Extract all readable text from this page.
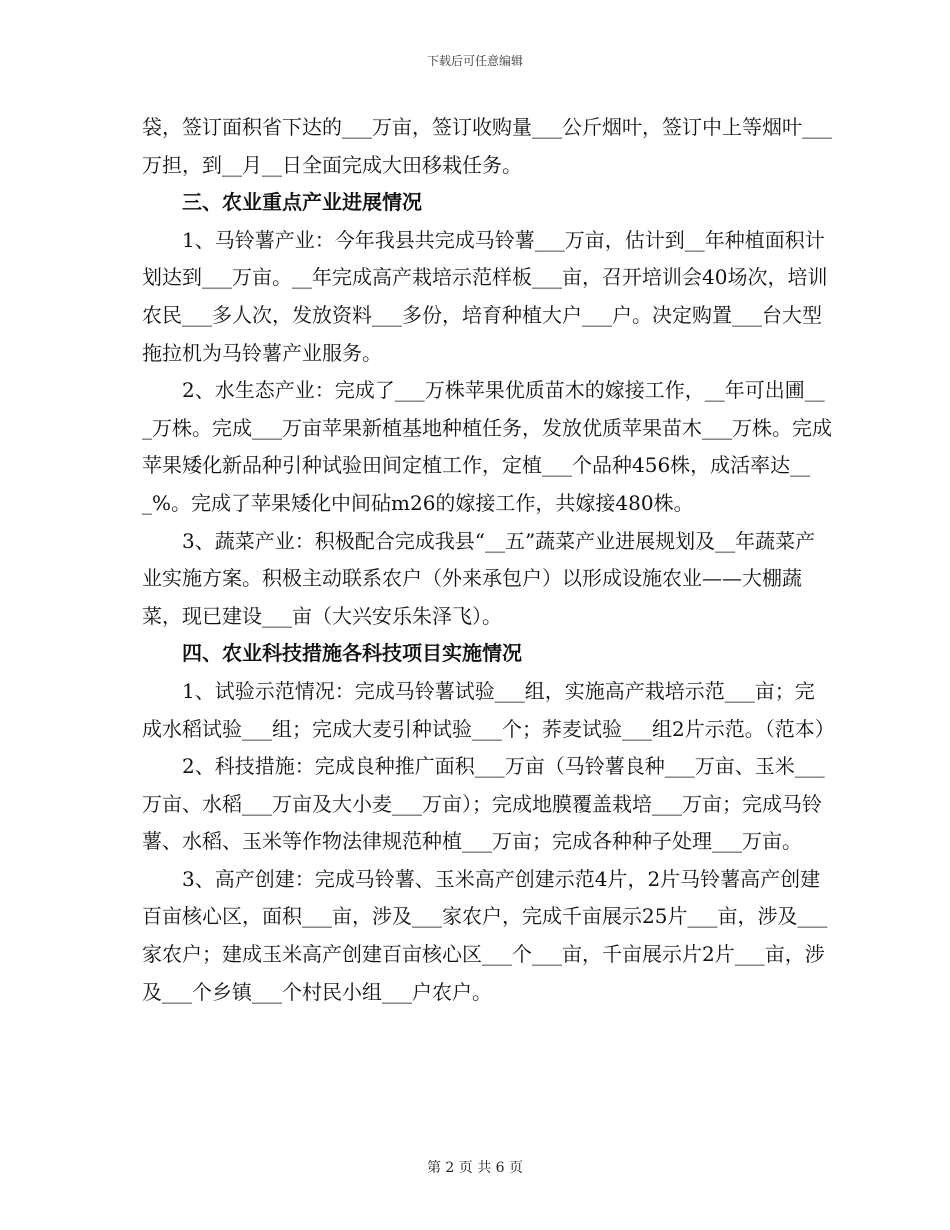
下载后可任意编辑

袋，签订面积省下达的___万亩，签订收购量___公斤烟叶，签订中上等烟叶___万担，到__月__日全面完成大田移栽任务。

三、农业重点产业进展情况

1、马铃薯产业：今年我县共完成马铃薯___万亩，估计到__年种植面积计划达到___万亩。__年完成高产栽培示范样板___亩，召开培训会40场次，培训农民___多人次，发放资料___多份，培育种植大户___户。决定购置___台大型拖拉机为马铃薯产业服务。

2、水生态产业：完成了___万株苹果优质苗木的嫁接工作，__年可出圃___万株。完成___万亩苹果新植基地种植任务，发放优质苹果苗木___万株。完成苹果矮化新品种引种试验田间定植工作，定植___个品种456株，成活率达___%。完成了苹果矮化中间砧m26的嫁接工作，共嫁接480株。

3、蔬菜产业：积极配合完成我县“__五”蔬菜产业进展规划及__年蔬菜产业实施方案。积极主动联系农户（外来承包户）以形成设施农业——大棚蔬菜，现已建设___亩（大兴安乐朱泽飞）。

四、农业科技措施各科技项目实施情况

1、试验示范情况：完成马铃薯试验___组，实施高产栽培示范___亩；完成水稻试验___组；完成大麦引种试验___个；荞麦试验___组2片示范。（范本）

2、科技措施：完成良种推广面积___万亩（马铃薯良种___万亩、玉米___万亩、水稻___万亩及大小麦___万亩）；完成地膜覆盖栽培___万亩；完成马铃薯、水稻、玉米等作物法律规范种植___万亩；完成各种种子处理___万亩。

3、高产创建：完成马铃薯、玉米高产创建示范4片，2片马铃薯高产创建百亩核心区，面积___亩，涉及___家农户，完成千亩展示25片___亩，涉及___家农户；建成玉米高产创建百亩核心区___个___亩，千亩展示片2片___亩，涉及___个乡镇___个村民小组___户农户。

第 2 页 共 6 页
